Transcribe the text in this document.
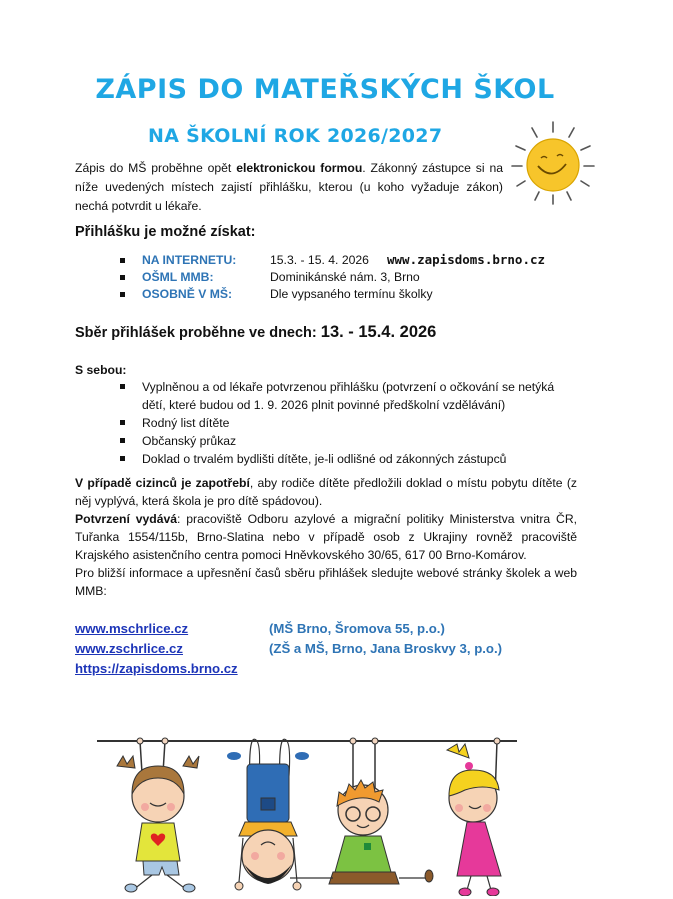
ZÁPIS DO MATEŘSKÝCH ŠKOL
NA ŠKOLNÍ ROK 2026/2027
Zápis do MŠ proběhne opět elektronickou formou. Zákonný zástupce si na níže uvedených místech zajistí přihlášku, kterou (u koho vyžaduje zákon) nechá potvrdit u lékaře.
Přihlášku je možné získat:
NA INTERNETU:	15.3. - 15. 4. 2026 www.zapisdoms.brno.cz
OŠML MMB:	Dominikánské nám. 3, Brno
OSOBNĚ V MŠ:	Dle vypsaného termínu školky
Sběr přihlášek proběhne ve dnech: 13. - 15.4. 2026
S sebou:
Vyplněnou a od lékaře potvrzenou přihlášku (potvrzení o očkování se netýká dětí, které budou od 1. 9. 2026 plnit povinné předškolní vzdělávání)
Rodný list dítěte
Občanský průkaz
Doklad o trvalém bydlišti dítěte, je-li odlišné od zákonných zástupců

V případě cizinců je zapotřebí, aby rodiče dítěte předložili doklad o místu pobytu dítěte (z něj vyplývá, která škola je pro dítě spádovou).

Potvrzení vydává: pracoviště Odboru azylové a migrační politiky Ministerstva vnitra ČR, Tuřanka 1554/115b, Brno-Slatina nebo v případě osob z Ukrajiny rovněž pracoviště Krajského asistenčního centra pomoci Hněvkovského 30/65, 617 00 Brno-Komárov.

Pro bližší informace a upřesnění časů sběru přihlášek sledujte webové stránky školek a web MMB:

www.mschrlice.cz	(MŠ Brno, Šromova 55, p.o.)
www.zschrlice.cz	(ZŠ a MŠ, Brno, Jana Broskvy 3, p.o.)
https://zapisdoms.brno.cz
